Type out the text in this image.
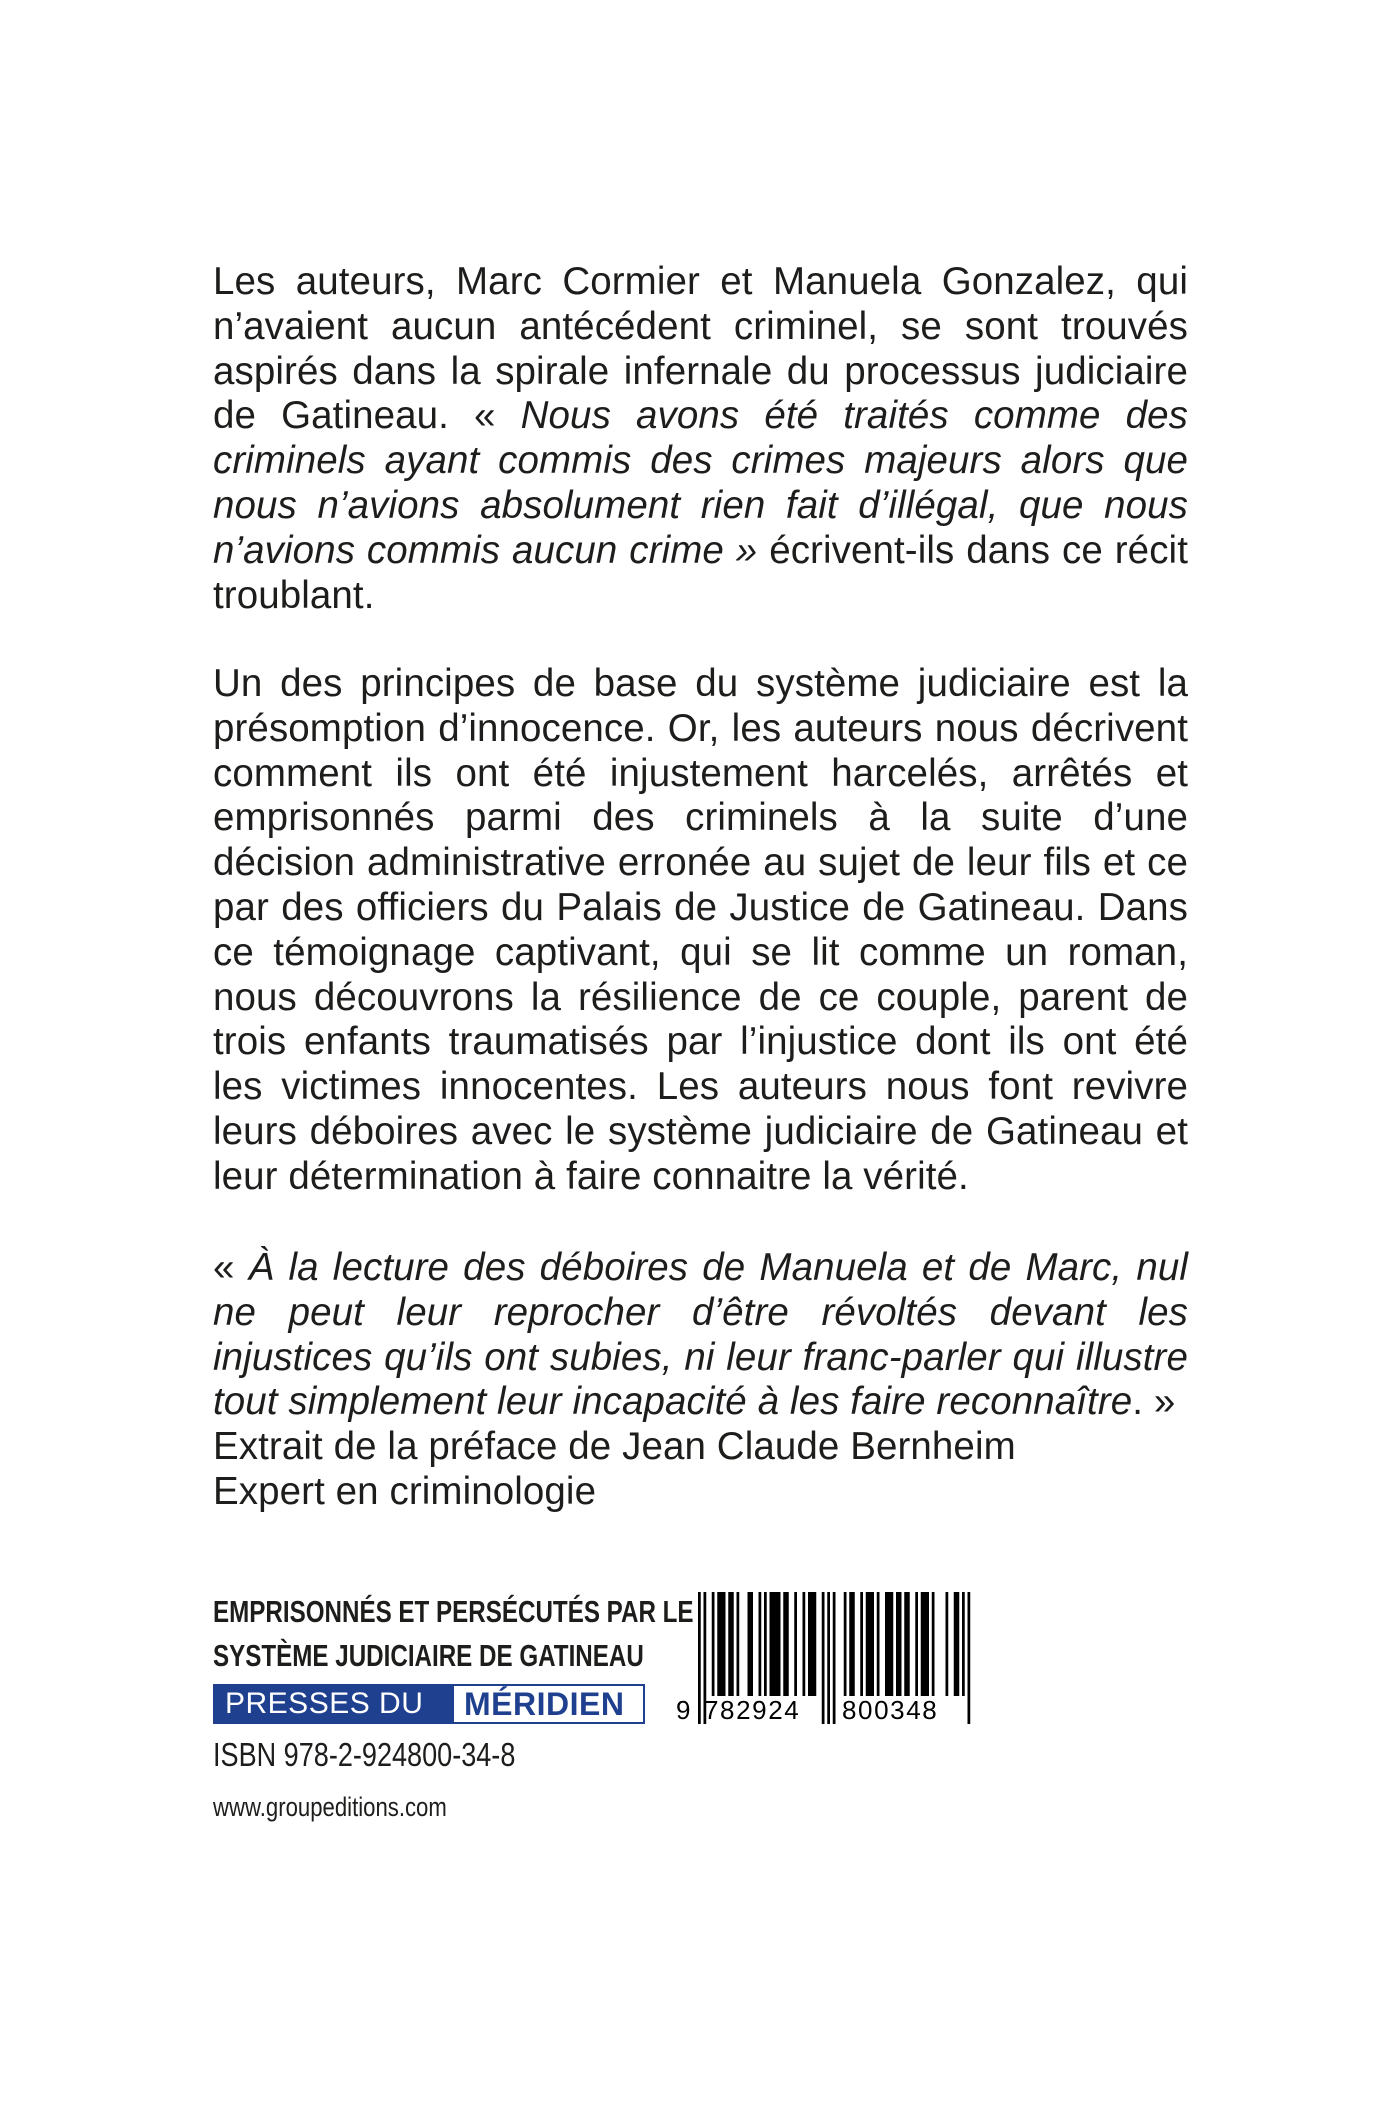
Les auteurs, Marc Cormier et Manuela Gonzalez, qui n’avaient aucun antécédent criminel, se sont trouvés aspirés dans la spirale infernale du processus judiciaire de Gatineau. « Nous avons été traités comme des criminels ayant commis des crimes majeurs alors que nous n’avions absolument rien fait d’illégal, que nous n’avions commis aucun crime » écrivent-ils dans ce récit troublant.

Un des principes de base du système judiciaire est la présomption d’innocence. Or, les auteurs nous décrivent comment ils ont été injustement harcelés, arrêtés et emprisonnés parmi des criminels à la suite d’une décision administrative erronée au sujet de leur fils et ce par des officiers du Palais de Justice de Gatineau. Dans ce témoignage captivant, qui se lit comme un roman, nous découvrons la résilience de ce couple, parent de trois enfants traumatisés par l’injustice dont ils ont été les victimes innocentes. Les auteurs nous font revivre leurs déboires avec le système judiciaire de Gatineau et leur détermination à faire connaitre la vérité.

« À la lecture des déboires de Manuela et de Marc, nul ne peut leur reprocher d’être révoltés devant les injustices qu’ils ont subies, ni leur franc-parler qui illustre tout simplement leur incapacité à les faire reconnaître. »

Extrait de la préface de Jean Claude Bernheim

Expert en criminologie

EMPRISONNÉS ET PERSÉCUTÉS PAR LE
SYSTÈME JUDICIAIRE DE GATINEAU
PRESSES DU	MÉRIDIEN
ISBN 978-2-924800-34-8
www.groupeditions.com
9 782924 800348
